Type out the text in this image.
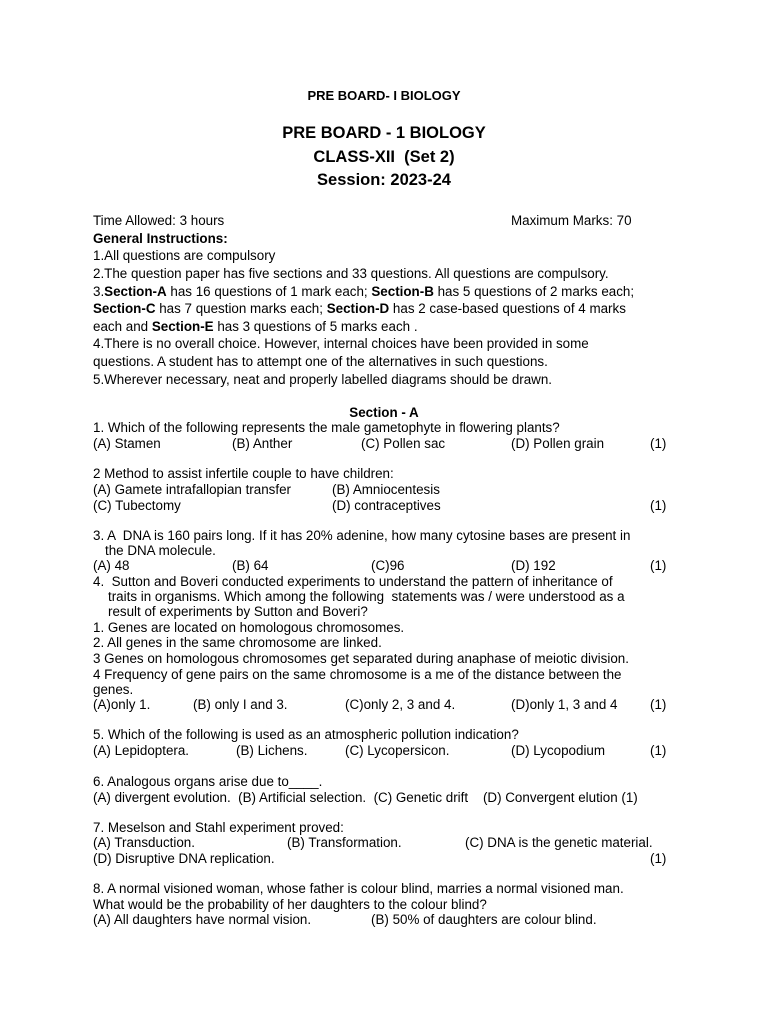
PRE BOARD- I BIOLOGY
PRE BOARD - 1 BIOLOGY
CLASS-XII  (Set 2)
Session: 2023-24
Time Allowed: 3 hours	Maximum Marks: 70
General Instructions:
1.All questions are compulsory
2.The question paper has five sections and 33 questions. All questions are compulsory.
3.Section-A has 16 questions of 1 mark each; Section-B has 5 questions of 2 marks each;
Section-C has 7 question marks each; Section-D has 2 case-based questions of 4 marks
each and Section-E has 3 questions of 5 marks each .
4.There is no overall choice. However, internal choices have been provided in some
questions. A student has to attempt one of the alternatives in such questions.
5.Wherever necessary, neat and properly labelled diagrams should be drawn.
Section - A
1. Which of the following represents the male gametophyte in flowering plants?
(A) Stamen	(B) Anther	(C) Pollen sac	(D) Pollen grain	(1)
2 Method to assist infertile couple to have children:
(A) Gamete intrafallopian transfer	(B) Amniocentesis
(C) Tubectomy	(D) contraceptives	(1)
3. A  DNA is 160 pairs long. If it has 20% adenine, how many cytosine bases are present in
the DNA molecule.
(A) 48	(B) 64	(C)96	(D) 192	(1)
4.  Sutton and Boveri conducted experiments to understand the pattern of inheritance of
traits in organisms. Which among the following  statements was / were understood as a
result of experiments by Sutton and Boveri?
1. Genes are located on homologous chromosomes.
2. All genes in the same chromosome are linked.
3 Genes on homologous chromosomes get separated during anaphase of meiotic division.
4 Frequency of gene pairs on the same chromosome is a me of the distance between the
genes.
(A)only 1.	(B) only I and 3.	(C)only 2, 3 and 4.	(D)only 1, 3 and 4 (1)
5. Which of the following is used as an atmospheric pollution indication?
(A) Lepidoptera.	(B) Lichens.	(C) Lycopersicon.	(D) Lycopodium	(1)
6. Analogous organs arise due to____.
(A) divergent evolution.  (B) Artificial selection.  (C) Genetic drift    (D) Convergent elution (1)
7. Meselson and Stahl experiment proved:
(A) Transduction.	(B) Transformation.	(C) DNA is the genetic material.
(D) Disruptive DNA replication.	(1)
8. A normal visioned woman, whose father is colour blind, marries a normal visioned man.
What would be the probability of her daughters to the colour blind?
(A) All daughters have normal vision.	(B) 50% of daughters are colour blind.
